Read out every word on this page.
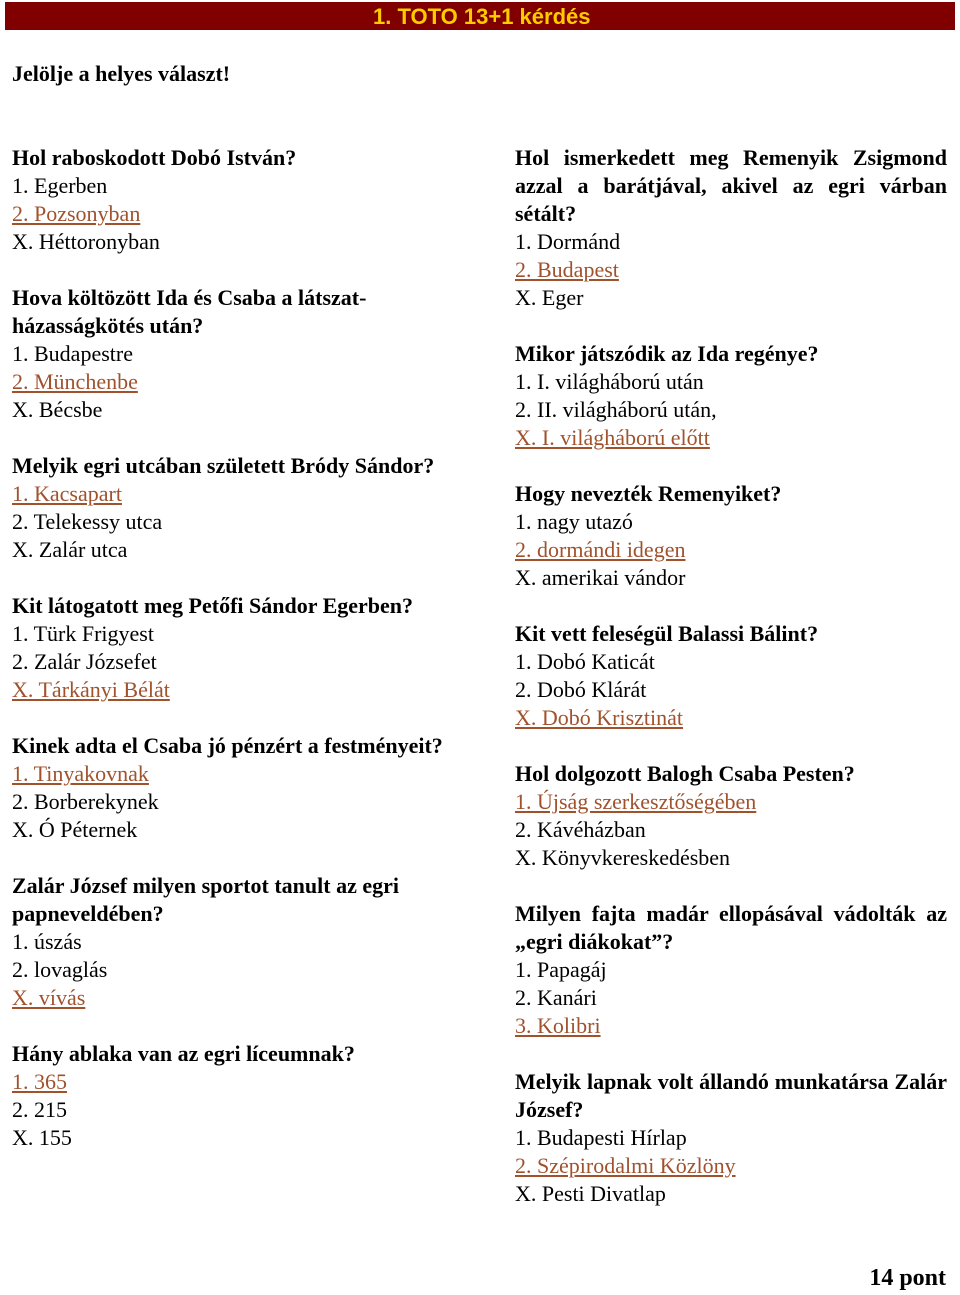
1. TOTO 13+1 kérdés
Jelölje a helyes választ!

Hol raboskodott Dobó István?

1. Egerben
2. Pozsonyban
X. Héttoronyban

Hova költözött Ida és Csaba a látszat-házasságkötés után?

1. Budapestre
2. Münchenbe
X. Bécsbe

Melyik egri utcában született Bródy Sándor?

1. Kacsapart
2. Telekessy utca
X. Zalár utca

Kit látogatott meg Petőfi Sándor Egerben?

1. Türk Frigyest
2. Zalár Józsefet
X. Tárkányi Bélát

Kinek adta el Csaba jó pénzért a festményeit?

1. Tinyakovnak
2. Borberekynek
X. Ó Péternek

Zalár József milyen sportot tanult az egri papneveldében?

1. úszás
2. lovaglás
X. vívás

Hány ablaka van az egri líceumnak?

1. 365
2. 215
X. 155

Hol ismerkedett meg Remenyik Zsigmond azzal a barátjával, akivel az egri várban sétált?

1. Dormánd
2. Budapest
X. Eger

Mikor játszódik az Ida regénye?

1. I. világháború után
2. II. világháború után,
X. I. világháború előtt

Hogy nevezték Remenyiket?

1. nagy utazó
2. dormándi idegen
X. amerikai vándor

Kit vett feleségül Balassi Bálint?

1. Dobó Katicát
2. Dobó Klárát
X. Dobó Krisztinát

Hol dolgozott Balogh Csaba Pesten?

1. Újság szerkesztőségében
2. Kávéházban
X. Könyvkereskedésben

Milyen fajta madár ellopásával vádolták az „egri diákokat”?

1. Papagáj
2. Kanári
3. Kolibri

Melyik lapnak volt állandó munkatársa Zalár József?

1. Budapesti Hírlap
2. Szépirodalmi Közlöny
X. Pesti Divatlap
14 pont
